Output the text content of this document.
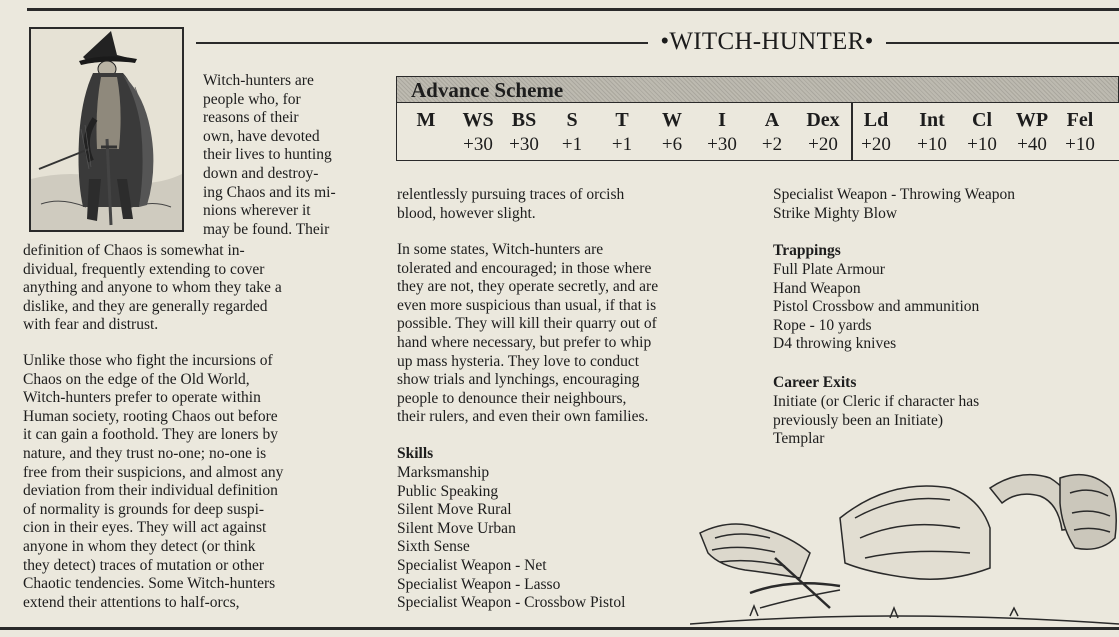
•WITCH-HUNTER•
Advance Scheme
M	WS
+30
BS
+30
S
+1
T
+1
W
+6
I
+30
A
+2
Dex
+20
Ld
+20
Int
+10
Cl
+10
WP
+40
Fel
+10
Witch-hunters are
people who, for
reasons of their
own, have devoted
their lives to hunting
down and destroy-
ing Chaos and its mi-
nions wherever it
may be found. Their

definition of Chaos is somewhat in-
dividual, frequently extending to cover
anything and anyone to whom they take a
dislike, and they are generally regarded
with fear and distrust.

Unlike those who fight the incursions of
Chaos on the edge of the Old World,
Witch-hunters prefer to operate within
Human society, rooting Chaos out before
it can gain a foothold. They are loners by
nature, and they trust no-one; no-one is
free from their suspicions, and almost any
deviation from their individual definition
of normality is grounds for deep suspi-
cion in their eyes. They will act against
anyone in whom they detect (or think
they detect) traces of mutation or other
Chaotic tendencies. Some Witch-hunters
extend their attentions to half-orcs,

relentlessly pursuing traces of orcish
blood, however slight.

In some states, Witch-hunters are
tolerated and encouraged; in those where
they are not, they operate secretly, and are
even more suspicious than usual, if that is
possible. They will kill their quarry out of
hand where necessary, but prefer to whip
up mass hysteria. They love to conduct
show trials and lynchings, encouraging
people to denounce their neighbours,
their rulers, and even their own families.

Skills

Marksmanship
Public Speaking
Silent Move Rural
Silent Move Urban
Sixth Sense
Specialist Weapon - Net
Specialist Weapon - Lasso
Specialist Weapon - Crossbow Pistol
Specialist Weapon - Throwing Weapon
Strike Mighty Blow

Trappings

Full Plate Armour
Hand Weapon
Pistol Crossbow and ammunition
Rope - 10 yards
D4 throwing knives

Career Exits

Initiate (or Cleric if character has
previously been an Initiate)
Templar
